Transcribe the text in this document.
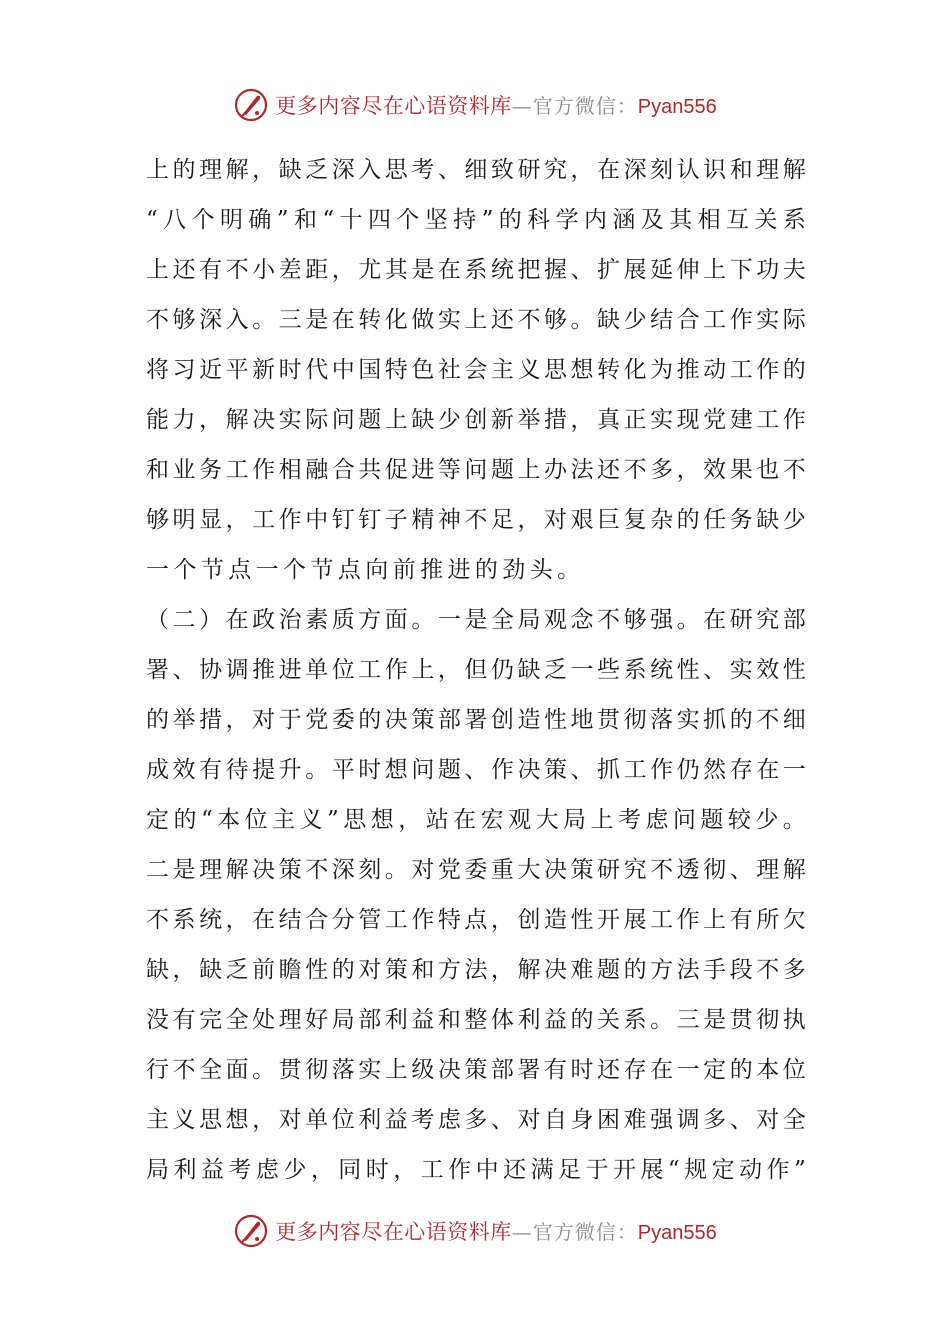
更多内容尽在心语资料库 —官方微信： Pyan556
上 的 理 解 ， 缺 乏 深 入 思 考 、 细 致 研 究 ， 在 深 刻 认 识 和 理 解
“ 八 个 明 确 ” 和 “ 十 四 个 坚 持 ” 的 科 学 内 涵 及 其 相 互 关 系
上 还 有 不 小 差 距 ， 尤 其 是 在 系 统 把 握 、 扩 展 延 伸 上 下 功 夫
不 够 深 入 。 三 是 在 转 化 做 实 上 还 不 够 。 缺 少 结 合 工 作 实 际
将 习 近 平 新 时 代 中 国 特 色 社 会 主 义 思 想 转 化 为 推 动 工 作 的
能 力 ， 解 决 实 际 问 题 上 缺 少 创 新 举 措 ， 真 正 实 现 党 建 工 作
和 业 务 工 作 相 融 合 共 促 进 等 问 题 上 办 法 还 不 多 ， 效 果 也 不
够 明 显 ， 工 作 中 钉 钉 子 精 神 不 足 ， 对 艰 巨 复 杂 的 任 务 缺 少
一 个 节 点 一 个 节 点 向 前 推 进 的 劲 头 。
（ 二 ） 在 政 治 素 质 方 面 。 一 是 全 局 观 念 不 够 强 。 在 研 究 部
署 、 协 调 推 进 单 位 工 作 上 ， 但 仍 缺 乏 一 些 系 统 性 、 实 效 性
的 举 措 ， 对 于 党 委 的 决 策 部 署 创 造 性 地 贯 彻 落 实 抓 的 不 细
成 效 有 待 提 升 。 平 时 想 问 题 、 作 决 策 、 抓 工 作 仍 然 存 在 一
定 的 “ 本 位 主 义 ” 思 想 ， 站 在 宏 观 大 局 上 考 虑 问 题 较 少 。
二 是 理 解 决 策 不 深 刻 。 对 党 委 重 大 决 策 研 究 不 透 彻 、 理 解
不 系 统 ， 在 结 合 分 管 工 作 特 点 ， 创 造 性 开 展 工 作 上 有 所 欠
缺 ， 缺 乏 前 瞻 性 的 对 策 和 方 法 ， 解 决 难 题 的 方 法 手 段 不 多
没 有 完 全 处 理 好 局 部 利 益 和 整 体 利 益 的 关 系 。 三 是 贯 彻 执
行 不 全 面 。 贯 彻 落 实 上 级 决 策 部 署 有 时 还 存 在 一 定 的 本 位
主 义 思 想 ， 对 单 位 利 益 考 虑 多 、 对 自 身 困 难 强 调 多 、 对 全
局 利 益 考 虑 少 ， 同 时 ， 工 作 中 还 满 足 于 开 展 “ 规 定 动 作 ”
更多内容尽在心语资料库 —官方微信： Pyan556
